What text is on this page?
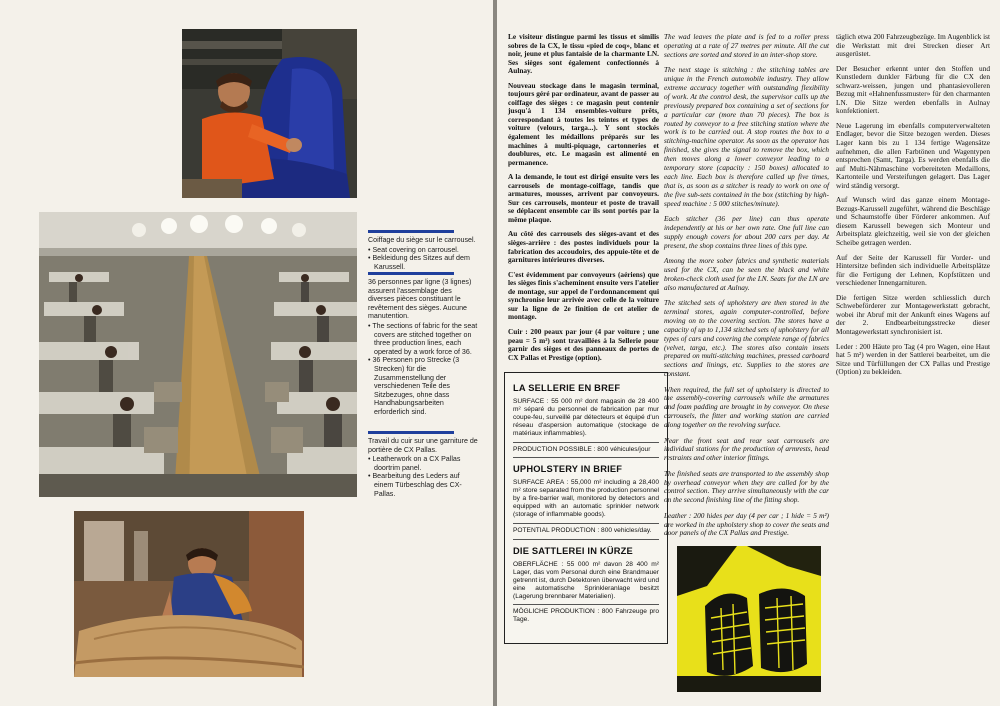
Coiffage du siège sur le carrousel.

• Seat covering on carrousel.

• Bekleidung des Sitzes auf dem Karussell.

36 personnes par ligne (3 lignes) assurent l'assemblage des diverses pièces constituant le revêtement des sièges. Aucune manutention.

• The sections of fabric for the seat covers are stitched together on three production lines, each operated by a work force of 36.

• 36 Personen pro Strecke (3 Strecken) für die Zusammenstellung der verschiedenen Teile des Sitzbezuges, ohne dass Handhabungsarbeiten erforderlich sind.

Travail du cuir sur une garniture de portière de CX Pallas.

• Leatherwork on a CX Pallas doortrim panel.

• Bearbeitung des Leders auf einem Türbeschlag des CX-Pallas.

Le visiteur distingue parmi les tissus et similis sobres de la CX, le tissu «pied de coq», blanc et noir, jeune et plus fantaisie de la charmante LN. Ses sièges sont également confectionnés à Aulnay.

Nouveau stockage dans le magasin terminal, toujours géré par ordinateur, avant de passer au coiffage des sièges : ce magasin peut contenir jusqu'à 1 134 ensembles-voiture prêts, correspondant à toutes les teintes et types de voiture (velours, targa...). Y sont stockés également les médaillons préparés sur les machines à multi-piquage, cartonneries et doublures, etc. Le magasin est alimenté en permanence.

A la demande, le tout est dirigé ensuite vers les carrousels de montage-coiffage, tandis que armatures, mousses, arrivent par convoyeurs. Sur ces carrousels, monteur et poste de travail se déplacent ensemble car ils sont portés par la même plaque.

Au côté des carrousels des sièges-avant et des sièges-arrière : des postes individuels pour la fabrication des accoudoirs, des appuie-tête et de garnitures intérieures diverses.

C'est évidemment par convoyeurs (aériens) que les sièges finis s'acheminent ensuite vers l'atelier de montage, sur appel de l'ordonnancement qui synchronise leur arrivée avec celle de la voiture sur la ligne de 2e finition de cet atelier de montage.

Cuir : 200 peaux par jour (4 par voiture ; une peau = 5 m²) sont travaillées à la Sellerie pour garnir des sièges et des panneaux de portes de CX Pallas et Prestige (option).

LA SELLERIE EN BREF

SURFACE : 55 000 m² dont magasin de 28 400 m² séparé du personnel de fabrication par mur coupe-feu, surveillé par détecteurs et équipé d'un réseau d'aspersion automatique (stockage de matériaux inflammables).

PRODUCTION POSSIBLE : 800 véhicules/jour

UPHOLSTERY IN BRIEF

SURFACE AREA : 55,000 m² including a 28,400 m² store separated from the production personnel by a fire-barrier wall, monitored by detectors and equipped with an automatic sprinkler network (storage of inflammable goods).

POTENTIAL PRODUCTION : 800 vehicles/day.

DIE SATTLEREI IN KÜRZE

OBERFLÄCHE : 55 000 m² davon 28 400 m² Lager, das vom Personal durch eine Brandmauer getrennt ist, durch Detektoren überwacht wird und eine automatische Sprinkleranlage besitzt (Lagerung brennbarer Materialien).

MÖGLICHE PRODUKTION : 800 Fahrzeuge pro Tage.

The wad leaves the plate and is fed to a roller press operating at a rate of 27 metres per minute. All the cut sections are sorted and stored in an inter-shop store.

The next stage is stitching : the stitching tables are unique in the French automobile industry. They allow extreme accuracy together with outstanding flexibility of work. At the control desk, the supervisor calls up the previously prepared box containing a set of sections for a particular car (more than 70 pieces). The box is routed by conveyor to a free stitching station where the work is to be carried out. A stop routes the box to a stitching-machine operator. As soon as the operator has finished, she gives the signal to remove the box, which then moves along a lower conveyor leading to a temporary store (capacity : 150 boxes) allocated to each line. Each box is therefore called up five times, that is, as soon as a stitcher is ready to work on one of the five sub-sets contained in the box (stitching by high-speed machine : 5 000 stitches/minute).

Each stitcher (36 per line) can thus operate independently at his or her own rate. One full line can supply enough covers for about 200 cars per day. At present, the shop contains three lines of this type.

Among the more sober fabrics and synthetic materials used for the CX, can be seen the black and white broken-check cloth used for the LN. Seats for the LN are also manufactured at Aulnay.

The stitched sets of upholstery are then stored in the terminal stores, again computer-controlled, before moving on to the covering section. The stores have a capacity of up to 1,134 stitched sets of upholstery for all types of cars and covering the complete range of fabrics (velvet, targa, etc.). The stores also contain insets prepared on multi-stitching machines, pressed carboard sections and linings, etc. Supplies to the stores are constant.

When required, the full set of upholstery is directed to the assembly-covering carrousels while the armatures and foam padding are brought in by conveyor. On these carrousels, the fitter and working station are carried along together on the revolving surface.

Near the front seat and rear seat carrousels are individual stations for the production of armrests, head restraints and other interior fittings.

The finished seats are transported to the assembly shop by overhead conveyor when they are called for by the control section. They arrive simultaneously with the car on the second finishing line of the fitting shop.

Leather : 200 hides per day (4 per car ; 1 hide = 5 m²) are worked in the upholstery shop to cover the seats and door panels of the CX Pallas and Prestige.

täglich etwa 200 Fahrzeugbezüge. Im Augenblick ist die Werkstatt mit drei Strecken dieser Art ausgerüstet.

Der Besucher erkennt unter den Stoffen und Kunstledern dunkler Färbung für die CX den schwarz-weissen, jungen und phantasievolleren Bezug mit «Hahnenfussmuster» für den charmanten LN. Die Sitze werden ebenfalls in Aulnay konfektioniert.

Neue Lagerung im ebenfalls computerverwalteten Endlager, bevor die Sitze bezogen werden. Dieses Lager kann bis zu 1 134 fertige Wagensätze aufnehmen, die allen Farbtönen und Wagentypen entsprechen (Samt, Targa). Es werden ebenfalls die auf Multi-Nähmaschine vorbereiteten Medaillons, Kartonteile und Versteifungen gelagert. Das Lager wird ständig versorgt.

Auf Wunsch wird das ganze einem Montage-Bezugs-Karussell zugeführt, während die Beschläge und Schaumstoffe über Förderer ankommen. Auf diesem Karussell bewegen sich Monteur und Arbeitsplatz gleichzeitig, weil sie von der gleichen Scheibe getragen werden.

Auf der Seite der Karussell für Vorder- und Hintersitze befinden sich individuelle Arbeitsplätze für die Fertigung der Lehnen, Kopfstützen und verschiedener Innengarnituren.

Die fertigen Sitze werden schliesslich durch Schwebeförderer zur Montagewerkstatt gebracht, wobei ihr Abruf mit der Ankunft eines Wagens auf der 2. Endbearbeitungsstrecke dieser Montagewerkstatt synchronisiert ist.

Leder : 200 Häute pro Tag (4 pro Wagen, eine Haut hat 5 m²) werden in der Sattlerei bearbeitet, um die Sitze und Türfüllungen der CX Pallas und Prestige (Option) zu bekleiden.
